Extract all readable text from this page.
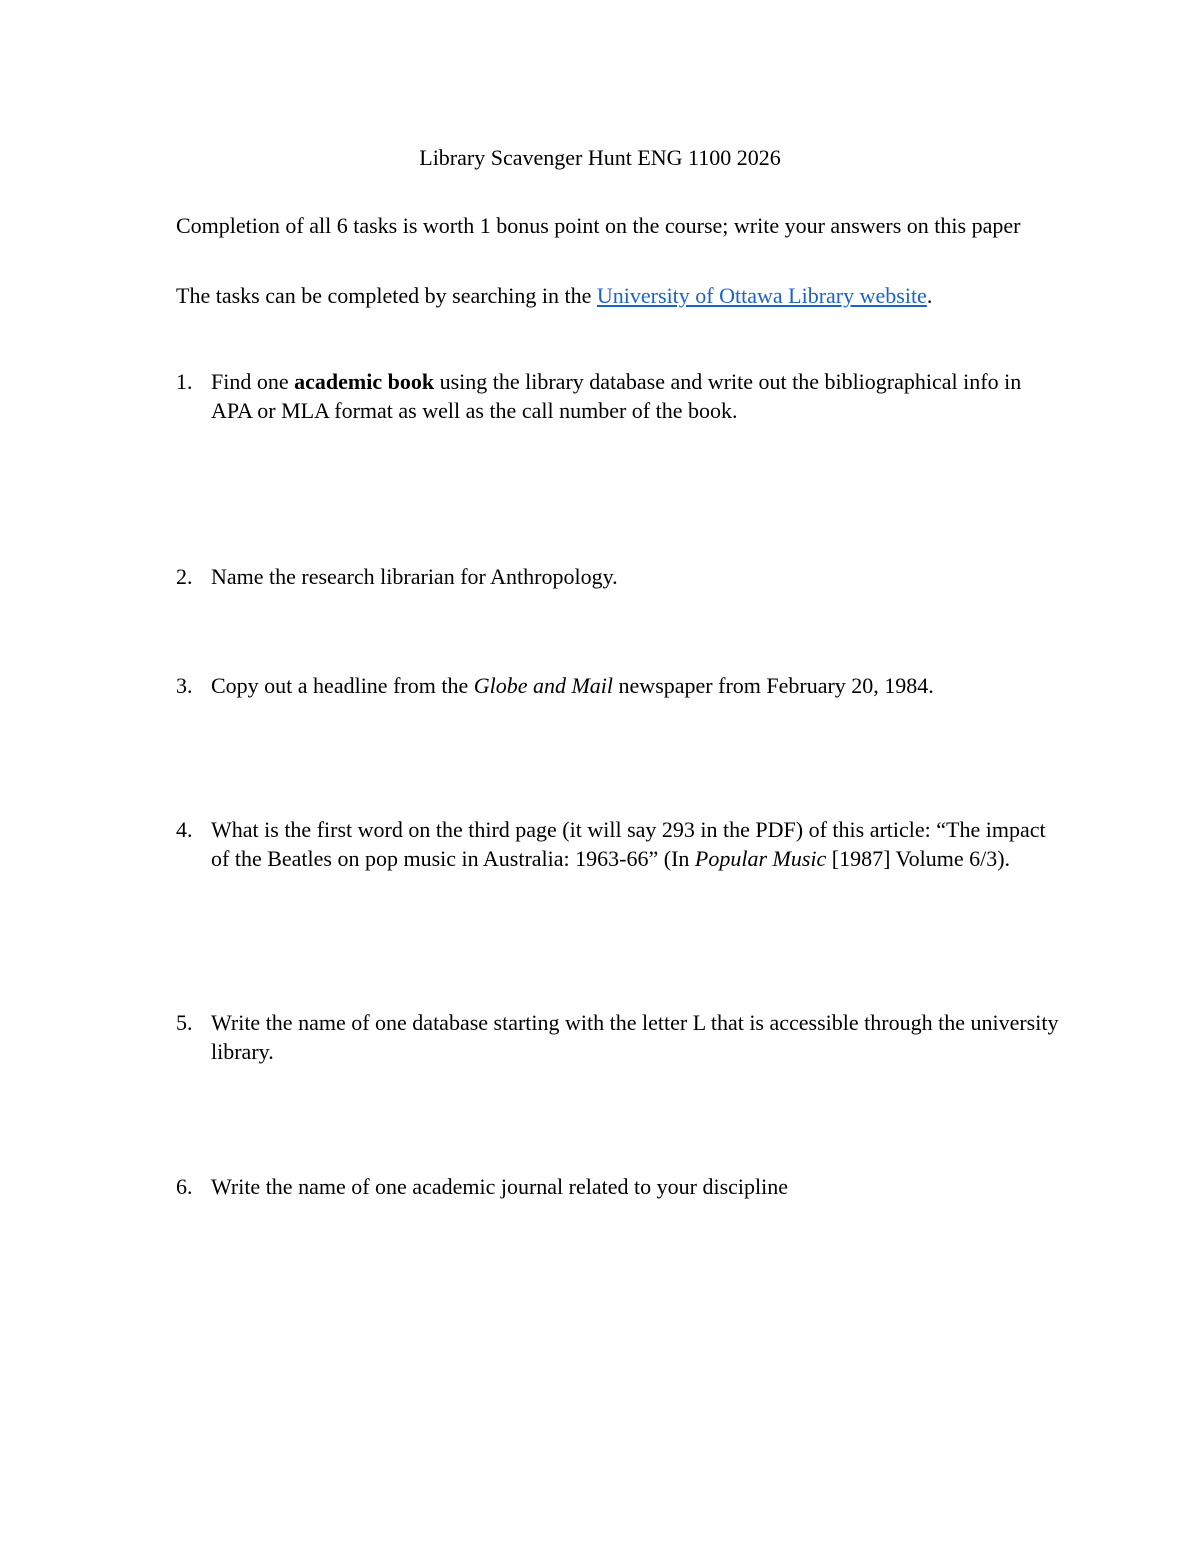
Library Scavenger Hunt ENG 1100 2026

Completion of all 6 tasks is worth 1 bonus point on the course; write your answers on this paper

The tasks can be completed by searching in the University of Ottawa Library website.

1. Find one academic book using the library database and write out the bibliographical info in APA or MLA format as well as the call number of the book.
2. Name the research librarian for Anthropology.
3. Copy out a headline from the Globe and Mail newspaper from February 20, 1984.
4. What is the first word on the third page (it will say 293 in the PDF) of this article: “The impact of the Beatles on pop music in Australia: 1963-66” (In Popular Music [1987] Volume 6/3).
5. Write the name of one database starting with the letter L that is accessible through the university library.
6. Write the name of one academic journal related to your discipline
